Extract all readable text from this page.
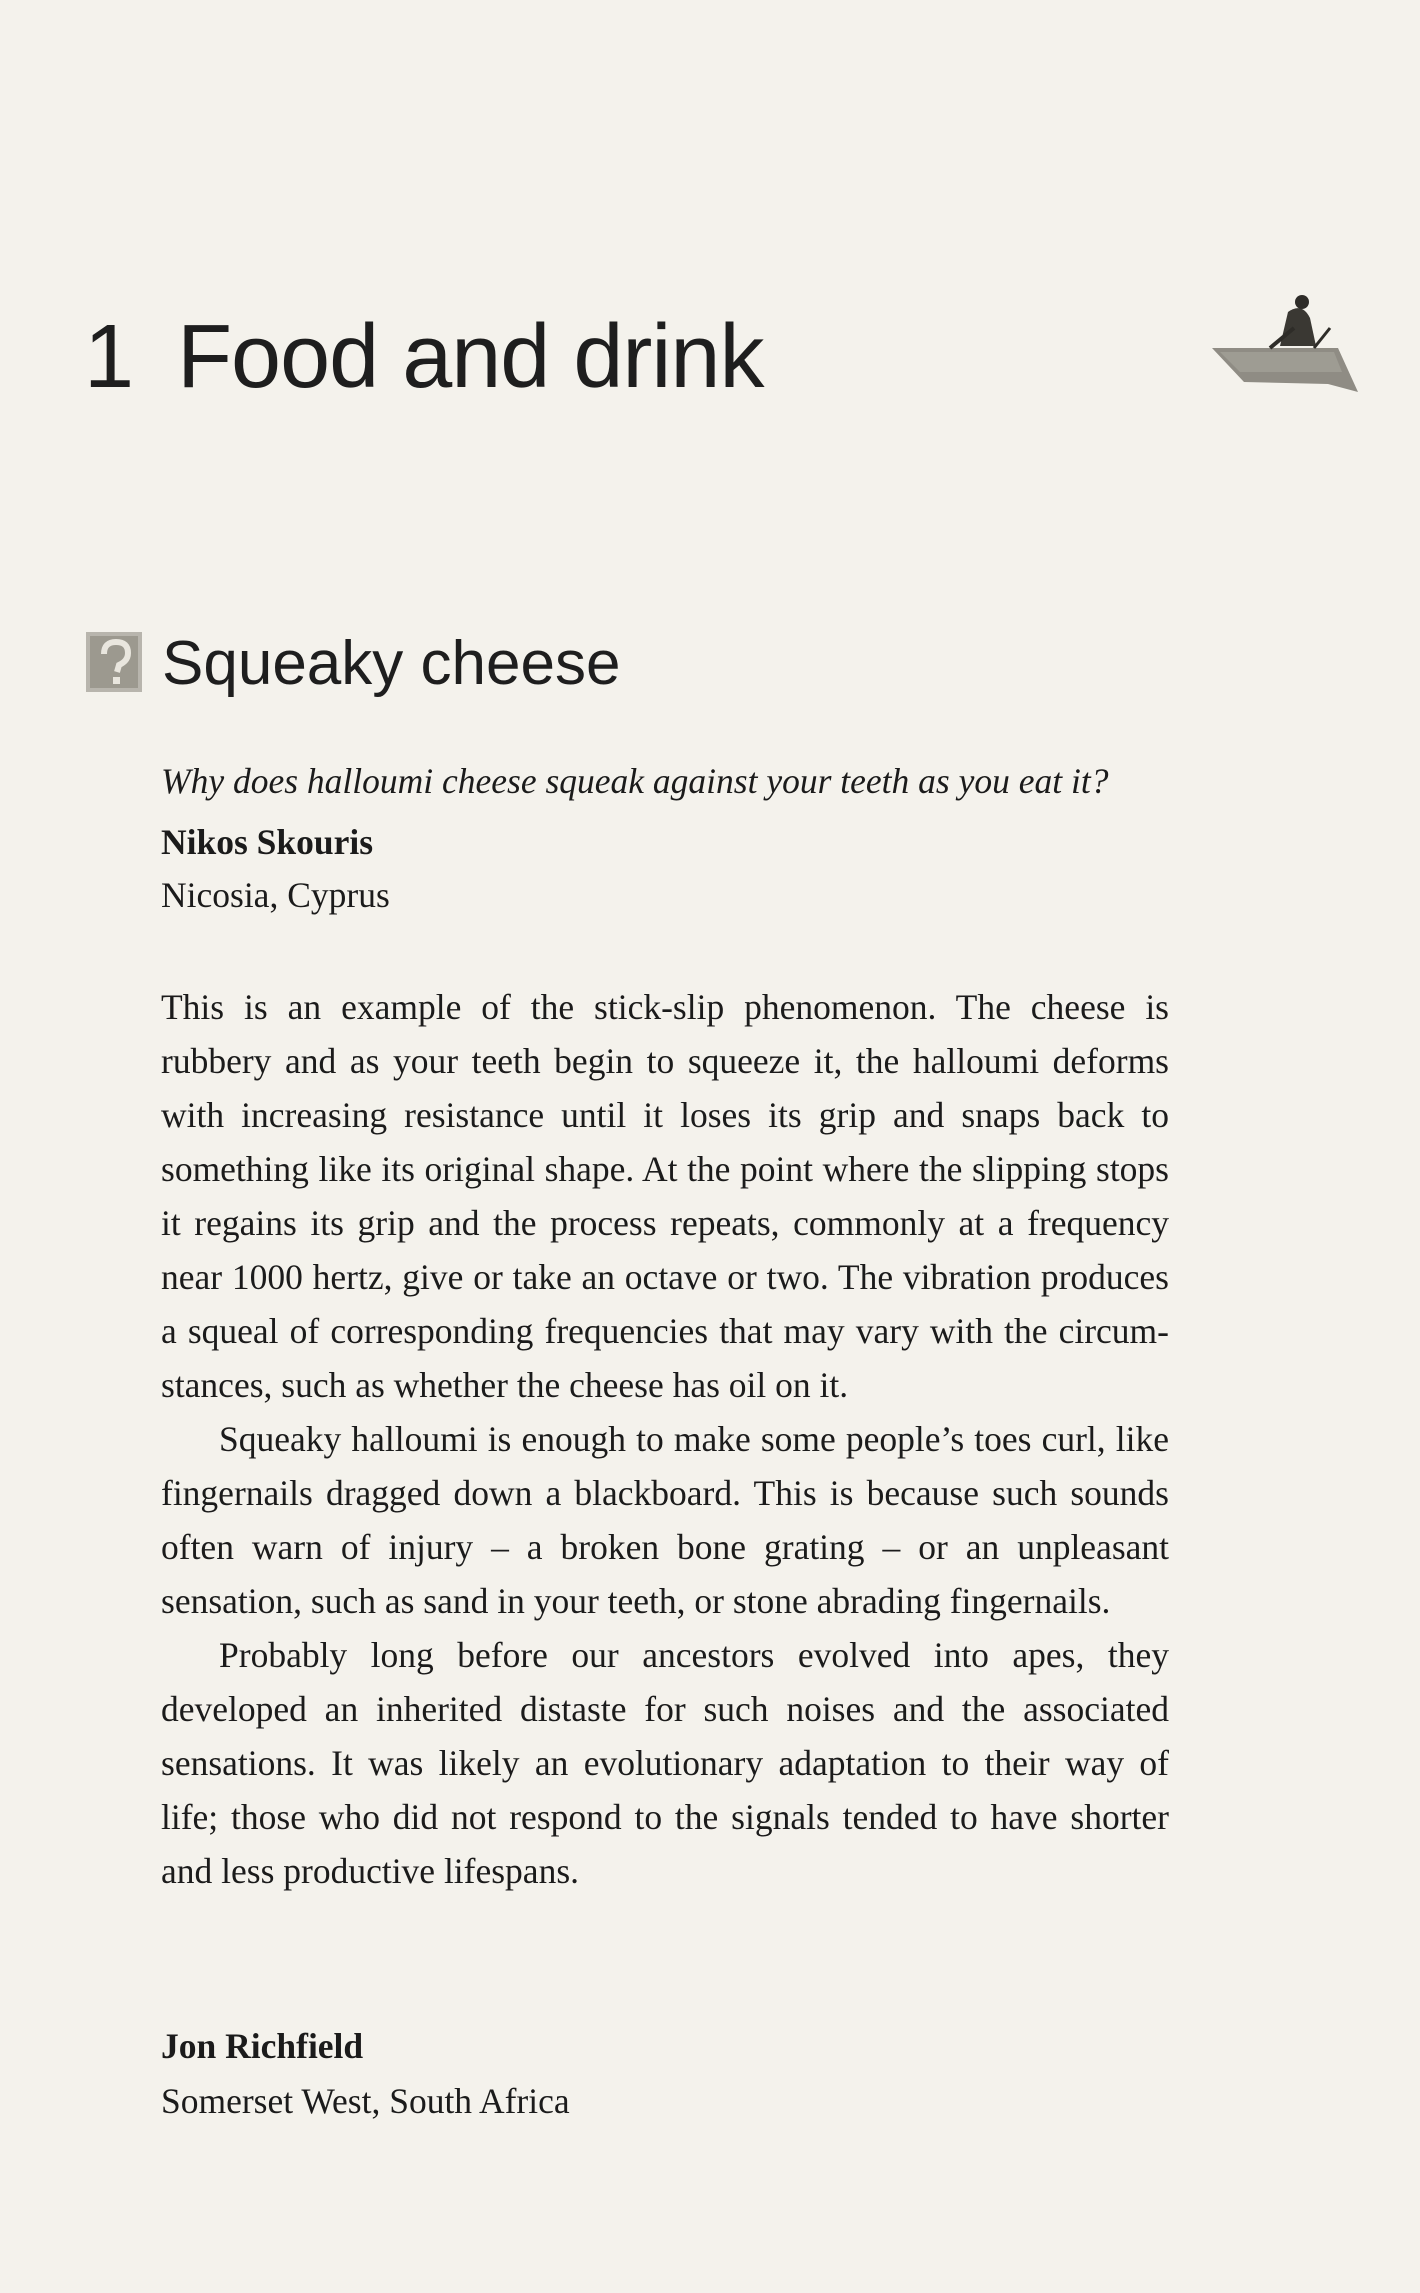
1 Food and drink
Squeaky cheese
Why does halloumi cheese squeak against your teeth as you eat it?
Nikos Skouris
Nicosia, Cyprus

This is an example of the stick-slip phenomenon. The cheese is rubbery and as your teeth begin to squeeze it, the halloumi deforms with increasing resistance until it loses its grip and snaps back to something like its original shape. At the point where the slipping stops it regains its grip and the process repeats, commonly at a frequency near 1000 hertz, give or take an octave or two. The vibration produces a squeal of corresponding frequencies that may vary with the circumstances, such as whether the cheese has oil on it.

Squeaky halloumi is enough to make some people’s toes curl, like fingernails dragged down a blackboard. This is because such sounds often warn of injury – a broken bone grating – or an unpleasant sensation, such as sand in your teeth, or stone abrading fingernails.

Probably long before our ancestors evolved into apes, they developed an inherited distaste for such noises and the associated sensations. It was likely an evolutionary adaptation to their way of life; those who did not respond to the signals tended to have shorter and less productive lifespans.

Jon Richfield
Somerset West, South Africa
